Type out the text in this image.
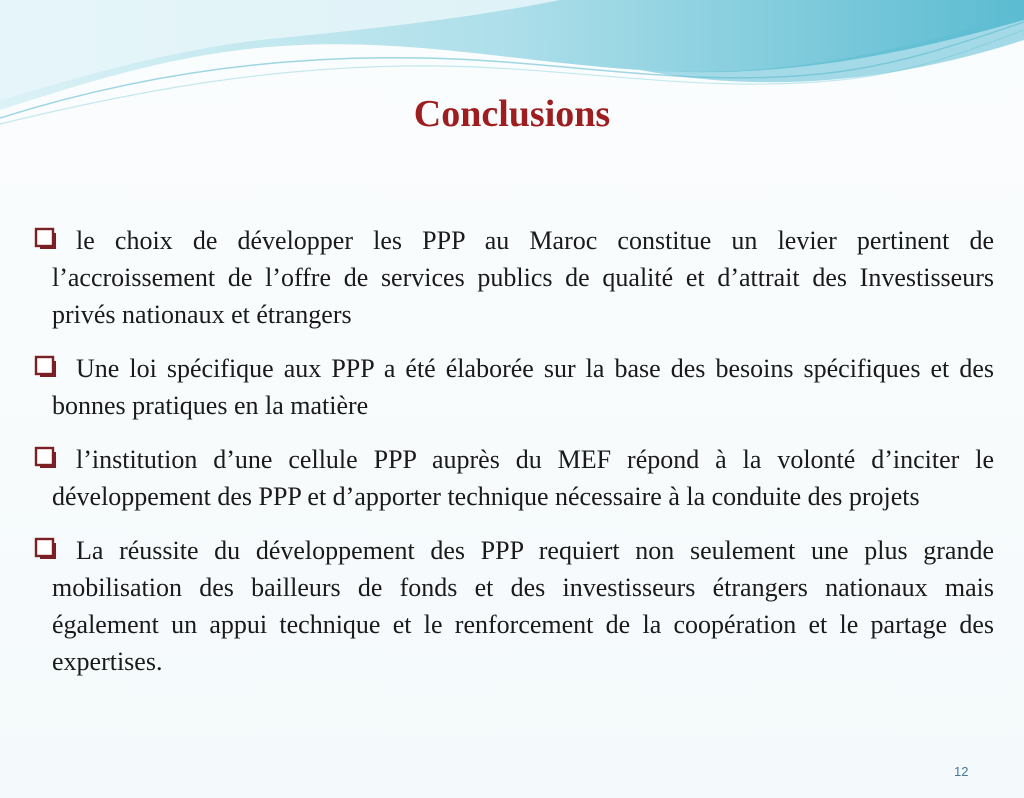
Conclusions

le choix de développer les PPP au Maroc constitue un levier pertinent de l’accroissement de l’offre de services publics de qualité et d’attrait des Investisseurs privés nationaux et étrangers

Une loi spécifique aux PPP a été élaborée sur la base des besoins spécifiques et des bonnes pratiques en la matière

l’institution d’une cellule PPP auprès du MEF répond à la volonté d’inciter le développement des PPP et d’apporter technique nécessaire à la conduite des projets

La réussite du développement des PPP requiert non seulement une plus grande mobilisation des bailleurs de fonds et des investisseurs étrangers nationaux mais également un appui technique et le renforcement de la coopération et le partage des expertises.

12
